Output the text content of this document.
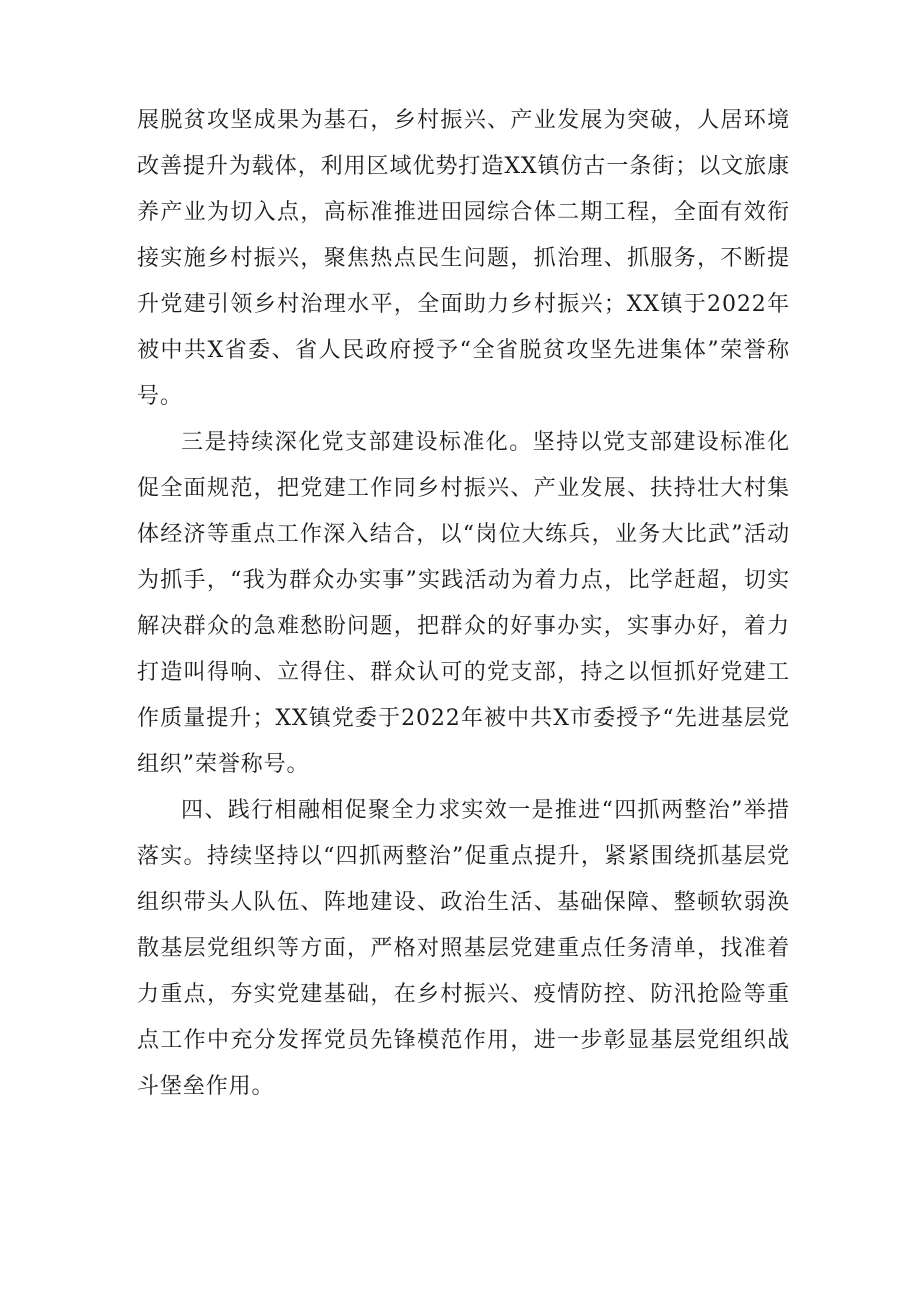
展脱贫攻坚成果为基石，乡村振兴、产业发展为突破，人居环境改善提升为载体，利用区域优势打造XX镇仿古一条街；以文旅康养产业为切入点，高标准推进田园综合体二期工程，全面有效衔接实施乡村振兴，聚焦热点民生问题，抓治理、抓服务，不断提升党建引领乡村治理水平，全面助力乡村振兴；XX镇于2022年被中共X省委、省人民政府授予“全省脱贫攻坚先进集体”荣誉称号。

三是持续深化党支部建设标准化。坚持以党支部建设标准化促全面规范，把党建工作同乡村振兴、产业发展、扶持壮大村集体经济等重点工作深入结合，以“岗位大练兵，业务大比武”活动为抓手，“我为群众办实事”实践活动为着力点，比学赶超，切实解决群众的急难愁盼问题，把群众的好事办实，实事办好，着力打造叫得响、立得住、群众认可的党支部，持之以恒抓好党建工作质量提升；XX镇党委于2022年被中共X市委授予“先进基层党组织”荣誉称号。

四、践行相融相促聚全力求实效一是推进“四抓两整治”举措落实。持续坚持以“四抓两整治”促重点提升，紧紧围绕抓基层党组织带头人队伍、阵地建设、政治生活、基础保障、整顿软弱涣散基层党组织等方面，严格对照基层党建重点任务清单，找准着力重点，夯实党建基础，在乡村振兴、疫情防控、防汛抢险等重点工作中充分发挥党员先锋模范作用，进一步彰显基层党组织战斗堡垒作用。
